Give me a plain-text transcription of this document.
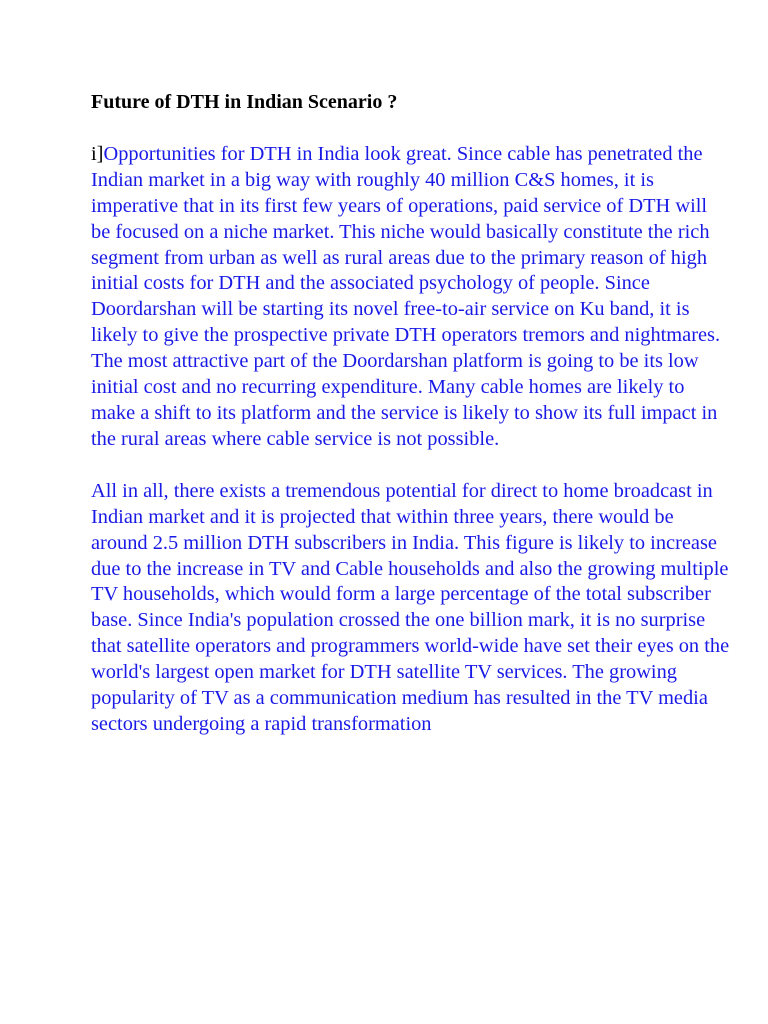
Future of DTH in Indian Scenario ?

i]Opportunities for DTH in India look great. Since cable has penetrated the Indian market in a big way with roughly 40 million C&S homes, it is imperative that in its first few years of operations, paid service of DTH will be focused on a niche market. This niche would basically constitute the rich segment from urban as well as rural areas due to the primary reason of high initial costs for DTH and the associated psychology of people. Since Doordarshan will be starting its novel free-to-air service on Ku band, it is likely to give the prospective private DTH operators tremors and nightmares. The most attractive part of the Doordarshan platform is going to be its low initial cost and no recurring expenditure. Many cable homes are likely to make a shift to its platform and the service is likely to show its full impact in the rural areas where cable service is not possible.

All in all, there exists a tremendous potential for direct to home broadcast in Indian market and it is projected that within three years, there would be around 2.5 million DTH subscribers in India. This figure is likely to increase due to the increase in TV and Cable households and also the growing multiple TV households, which would form a large percentage of the total subscriber base. Since India's population crossed the one billion mark, it is no surprise that satellite operators and programmers world-wide have set their eyes on the world's largest open market for DTH satellite TV services. The growing popularity of TV as a communication medium has resulted in the TV media sectors undergoing a rapid transformation
